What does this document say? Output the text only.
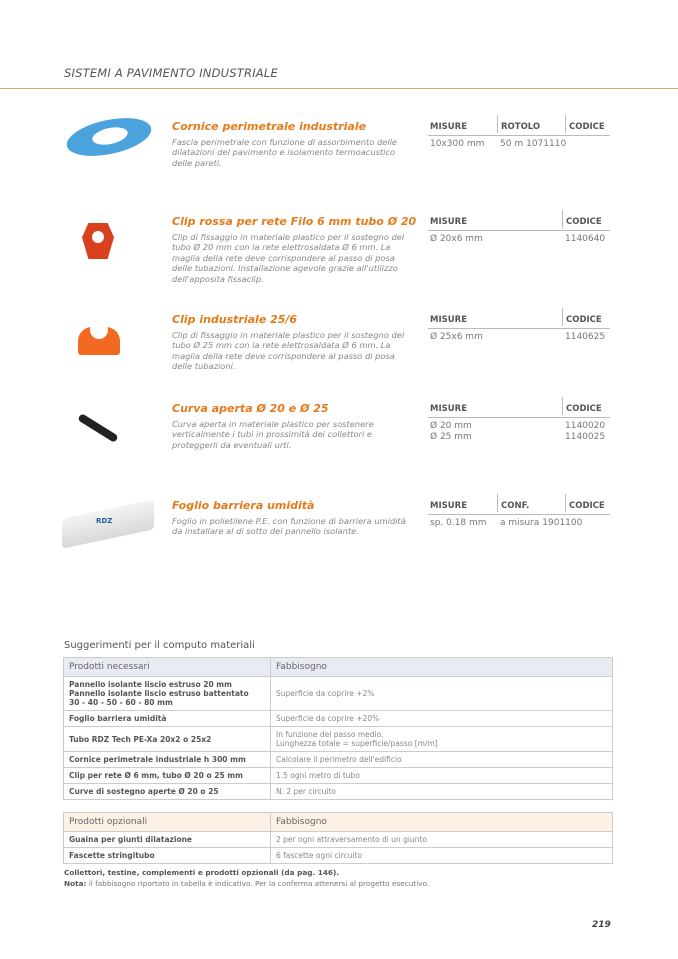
SISTEMI A PAVIMENTO INDUSTRIALE
Cornice perimetrale industriale
Fascia perimetrale con funzione di assorbimento delle dilatazioni del pavimento e isolamento termoacustico delle pareti.
MISURE	ROTOLO	CODICE
10x300 mm	50 m 1071110
Clip rossa per rete Filo 6 mm tubo Ø 20
Clip di fissaggio in materiale plastico per il sostegno del tubo Ø 20 mm con la rete elettrosaldata Ø 6 mm. La maglia della rete deve corrispondere al passo di posa delle tubazioni. Installazione agevole grazie all'utilizzo dell'apposita fissaclip.
MISURE	CODICE
Ø 20x6 mm	1140640
Clip industriale 25/6
Clip di fissaggio in materiale plastico per il sostegno del tubo Ø 25 mm con la rete elettrosaldata Ø 6 mm. La maglia della rete deve corrispondere al passo di posa delle tubazioni.
MISURE	CODICE
Ø 25x6 mm	1140625
Curva aperta Ø 20 e Ø 25
Curva aperta in materiale plastico per sostenere verticalmente i tubi in prossimità dei collettori e proteggerli da eventuali urti.
MISURE	CODICE
Ø 20 mm	1140020
Ø 25 mm	1140025
RDZ
Foglio barriera umidità
Foglio in polietilene P.E. con funzione di barriera umidità da installare al di sotto del pannello isolante.
MISURE	CONF.	CODICE
sp. 0.18 mm	a misura 1901100
Suggerimenti per il computo materiali
Prodotti necessari	Fabbisogno
Pannello isolante liscio estruso 20 mm
Pannello isolante liscio estruso battentato
30 - 40 - 50 - 60 - 80 mm	Superficie da coprire +2%
Foglio barriera umidità	Superficie da coprire +20%
Tubo RDZ Tech PE-Xa 20x2 o 25x2	In funzione del passo medio.
Lunghezza totale = superficie/passo [m/m]
Cornice perimetrale industriale h 300 mm	Calcolare il perimetro dell'edificio
Clip per rete Ø 6 mm, tubo Ø 20 o 25 mm	1.5 ogni metro di tubo
Curve di sostegno aperte Ø 20 o 25	N. 2 per circuito
Prodotti opzionali	Fabbisogno
Guaina per giunti dilatazione	2 per ogni attraversamento di un giunto
Fascette stringitubo	6 fascette ogni circuito
Collettori, testine, complementi e prodotti opzionali (da pag. 146).
Nota: il fabbisogno riportato in tabella è indicativo. Per la conferma attenersi al progetto esecutivo.
219
